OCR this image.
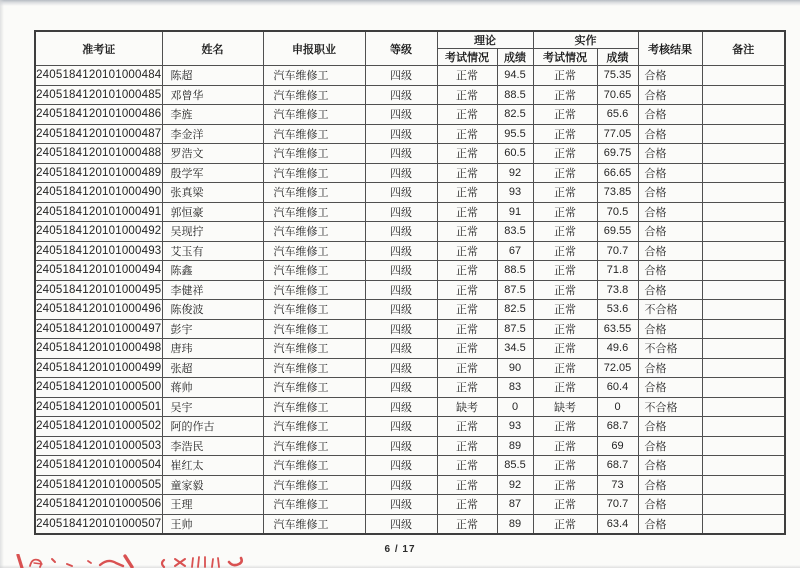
准考证	姓名	申报职业	等级	理论		实作		考核结果	备注
				考试情况	成绩	考试情况	成绩		
2405184120101000484	陈超	汽车维修工	四级	正常	94.5	正常	75.35	合格	
2405184120101000485	邓曾华	汽车维修工	四级	正常	88.5	正常	70.65	合格	
2405184120101000486	李旌	汽车维修工	四级	正常	82.5	正常	65.6	合格	
2405184120101000487	李金洋	汽车维修工	四级	正常	95.5	正常	77.05	合格	
2405184120101000488	罗浩文	汽车维修工	四级	正常	60.5	正常	69.75	合格	
2405184120101000489	殷学军	汽车维修工	四级	正常	92	正常	66.65	合格	
2405184120101000490	张真梁	汽车维修工	四级	正常	93	正常	73.85	合格	
2405184120101000491	郭恒豪	汽车维修工	四级	正常	91	正常	70.5	合格	
2405184120101000492	吴现拧	汽车维修工	四级	正常	83.5	正常	69.55	合格	
2405184120101000493	艾玉有	汽车维修工	四级	正常	67	正常	70.7	合格	
2405184120101000494	陈鑫	汽车维修工	四级	正常	88.5	正常	71.8	合格	
2405184120101000495	李健祥	汽车维修工	四级	正常	87.5	正常	73.8	合格	
2405184120101000496	陈俊波	汽车维修工	四级	正常	82.5	正常	53.6	不合格	
2405184120101000497	彭宇	汽车维修工	四级	正常	87.5	正常	63.55	合格	
2405184120101000498	唐玮	汽车维修工	四级	正常	34.5	正常	49.6	不合格	
2405184120101000499	张超	汽车维修工	四级	正常	90	正常	72.05	合格	
2405184120101000500	蒋帅	汽车维修工	四级	正常	83	正常	60.4	合格	
2405184120101000501	吴宇	汽车维修工	四级	缺考	0	缺考	0	不合格	
2405184120101000502	阿的作古	汽车维修工	四级	正常	93	正常	68.7	合格	
2405184120101000503	李浩民	汽车维修工	四级	正常	89	正常	69	合格	
2405184120101000504	崔红太	汽车维修工	四级	正常	85.5	正常	68.7	合格	
2405184120101000505	童家毅	汽车维修工	四级	正常	92	正常	73	合格	
2405184120101000506	王理	汽车维修工	四级	正常	87	正常	70.7	合格	
2405184120101000507	王帅	汽车维修工	四级	正常	89	正常	63.4	合格	
6 / 17
